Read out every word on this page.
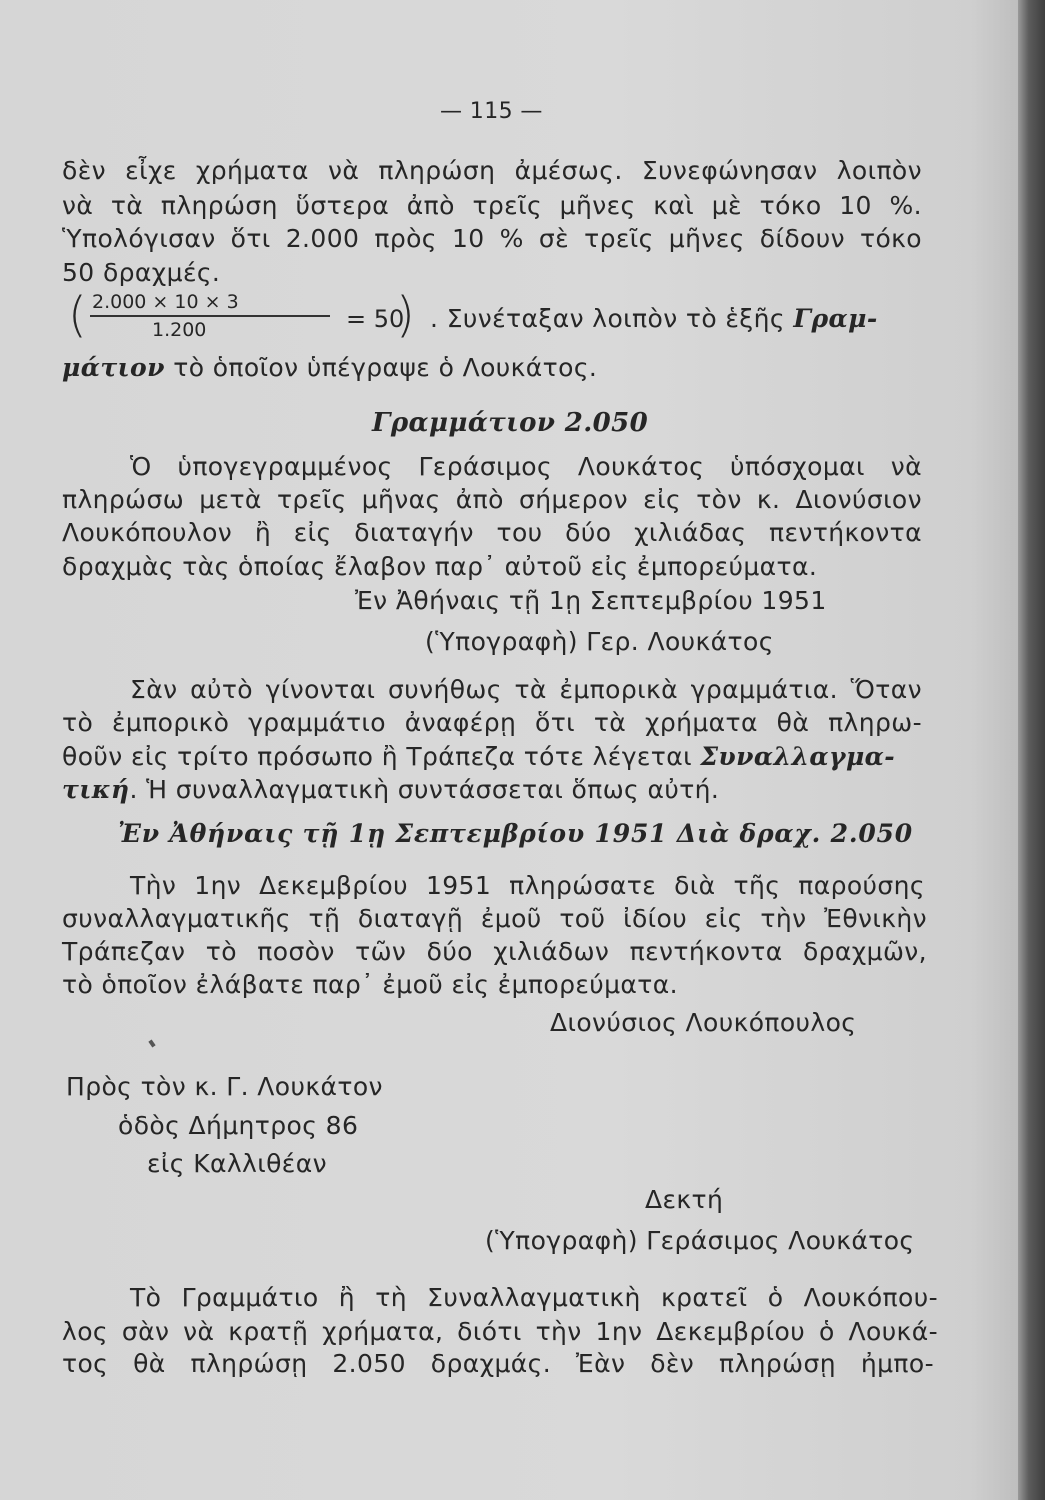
— 115 —
δὲν εἶχε χρήματα νὰ πληρώση ἀμέσως. Συνεφώνησαν λοιπὸν
νὰ τὰ πληρώση ὕστερα ἀπὸ τρεῖς μῆνες καὶ μὲ τόκο 10 %.
Ὑπολόγισαν ὅτι 2.000 πρὸς 10 % σὲ τρεῖς μῆνες δίδουν τόκο
50 δραχμές.
( 2.000 × 10 × 3
1.200	= 50
) . Συνέταξαν λοιπὸν τὸ ἑξῆς Γραμ-
μάτιον τὸ ὁποῖον ὑπέγραψε ὁ Λουκάτος.
Γραμμάτιον 2.050
Ὁ ὑπογεγραμμένος Γεράσιμος Λουκάτος ὑπόσχομαι νὰ
πληρώσω μετὰ τρεῖς μῆνας ἀπὸ σήμερον εἰς τὸν κ. Διονύσιον
Λουκόπουλον ἢ εἰς διαταγήν του δύο χιλιάδας πεντήκοντα
δραχμὰς τὰς ὁποίας ἔλαβον παρ᾽ αὐτοῦ εἰς ἐμπορεύματα.
Ἐν Ἀθήναις τῇ 1ῃ Σεπτεμβρίου 1951
(Ὑπογραφὴ) Γερ. Λουκάτος
Σὰν αὐτὸ γίνονται συνήθως τὰ ἐμπορικὰ γραμμάτια. Ὅταν
τὸ ἐμπορικὸ γραμμάτιο ἀναφέρῃ ὅτι τὰ χρήματα θὰ πληρω-
θοῦν εἰς τρίτο πρόσωπο ἢ Τράπεζα τότε λέγεται Συναλλαγμα-
τική. Ἡ συναλλαγματικὴ συντάσσεται ὅπως αὐτή.
Ἐν Ἀθήναις τῇ 1ῃ Σεπτεμβρίου 1951 Διὰ δραχ. 2.050
Τὴν 1ην Δεκεμβρίου 1951 πληρώσατε διὰ τῆς παρούσης
συναλλαγματικῆς τῇ διαταγῇ ἐμοῦ τοῦ ἰδίου εἰς τὴν Ἐθνικὴν
Τράπεζαν τὸ ποσὸν τῶν δύο χιλιάδων πεντήκοντα δραχμῶν,
τὸ ὁποῖον ἐλάβατε παρ᾽ ἐμοῦ εἰς ἐμπορεύματα.
Διονύσιος Λουκόπουλος
Πρὸς τὸν κ. Γ. Λουκάτον
ὁδὸς Δήμητρος 86
εἰς Καλλιθέαν
Δεκτή
(Ὑπογραφὴ) Γεράσιμος Λουκάτος
Τὸ Γραμμάτιο ἢ τὴ Συναλλαγματικὴ κρατεῖ ὁ Λουκόπου-
λος σὰν νὰ κρατῇ χρήματα, διότι τὴν 1ην Δεκεμβρίου ὁ Λουκά-
τος θὰ πληρώσῃ 2.050 δραχμάς. Ἐὰν δὲν πληρώσῃ ἠμπο-
